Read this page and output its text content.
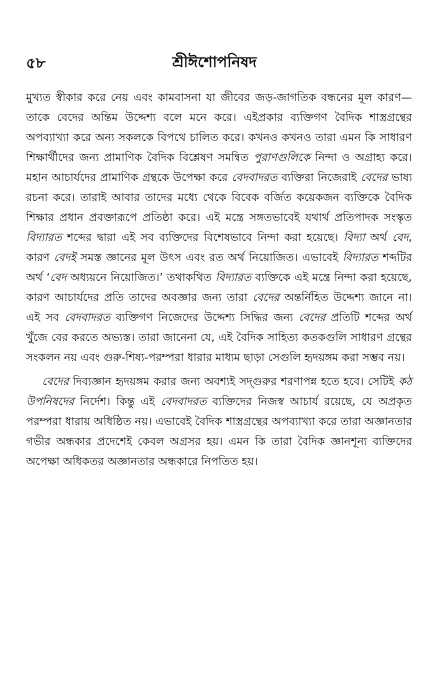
৫৮	শ্রীঈশোপনিষদ

মুখ্যত স্বীকার করে নেয় এবং কামবাসনা যা জীবের জড়-জাগতিক বন্ধনের মূল কারণ—তাকে বেদের অন্তিম উদ্দেশ্য বলে মনে করে। এইপ্রকার ব্যক্তিগণ বৈদিক শাস্ত্রগ্রন্থের অপব্যাখ্যা করে অন্য সকলকে বিপথে চালিত করে। কখনও কখনও তারা এমন কি সাধারণ শিক্ষার্থীদের জন্য প্রামাণিক বৈদিক বিশ্লেষণ সমন্বিত পুরাণগুলিকে নিন্দা ও অগ্রাহ্য করে। মহান আচার্যদের প্রামাণিক গ্রন্থকে উপেক্ষা করে বেদবাদরত ব্যক্তিরা নিজেরাই বেদের ভাষ্য রচনা করে। তারাই আবার তাদের মধ্যে থেকে বিবেক বর্জিত কয়েকজন ব্যক্তিকে বৈদিক শিক্ষার প্রধান প্রবক্তারূপে প্রতিষ্ঠা করে। এই মন্ত্রে সঙ্গতভাবেই যথার্থ প্রতিপাদক সংস্কৃত বিদ্যারত শব্দের দ্বারা এই সব ব্যক্তিদের বিশেষভাবে নিন্দা করা হয়েছে। বিদ্যা অর্থ বেদ, কারণ বেদই সমস্ত জ্ঞানের মূল উৎস এবং রত অর্থ নিয়োজিত। এভাবেই বিদ্যারত শব্দটির অর্থ ‘বেদ অধ্যয়নে নিয়োজিত।’ তথাকথিত বিদ্যারত ব্যক্তিকে এই মন্ত্রে নিন্দা করা হয়েছে, কারণ আচার্যদের প্রতি তাদের অবজ্ঞার জন্য তারা বেদের অন্তর্নিহিত উদ্দেশ্য জানে না। এই সব বেদবাদরত ব্যক্তিগণ নিজেদের উদ্দেশ্য সিদ্ধির জন্য বেদের প্রতিটি শব্দের অর্থ খুঁজে বের করতে অভ্যস্ত। তারা জানেনা যে, এই বৈদিক সাহিত্য কতকগুলি সাধারণ গ্রন্থের সংকলন নয় এবং গুরু-শিষ্য-পরম্পরা ধারার মাধ্যম ছাড়া সেগুলি হৃদয়ঙ্গম করা সম্ভব নয়।

বেদের দিব্যজ্ঞান হৃদয়ঙ্গম করার জন্য অবশ্যই সদ্‌গুরুর শরণাপন্ন হতে হবে। সেটিই কঠ উপনিষদের নির্দেশ। কিন্তু এই বেদবাদরত ব্যক্তিদের নিজস্ব আচার্য রয়েছে, যে অপ্রকৃত পরম্পরা ধারায় অধিষ্ঠিত নয়। এভাবেই বৈদিক শাস্ত্রগ্রন্থের অপব্যাখ্যা করে তারা অজ্ঞানতার গভীর অন্ধকার প্রদেশেই কেবল অগ্রসর হয়। এমন কি তারা বৈদিক জ্ঞানশূন্য ব্যক্তিদের অপেক্ষা অধিকতর অজ্ঞানতার অন্ধকারে নিপতিত হয়।
